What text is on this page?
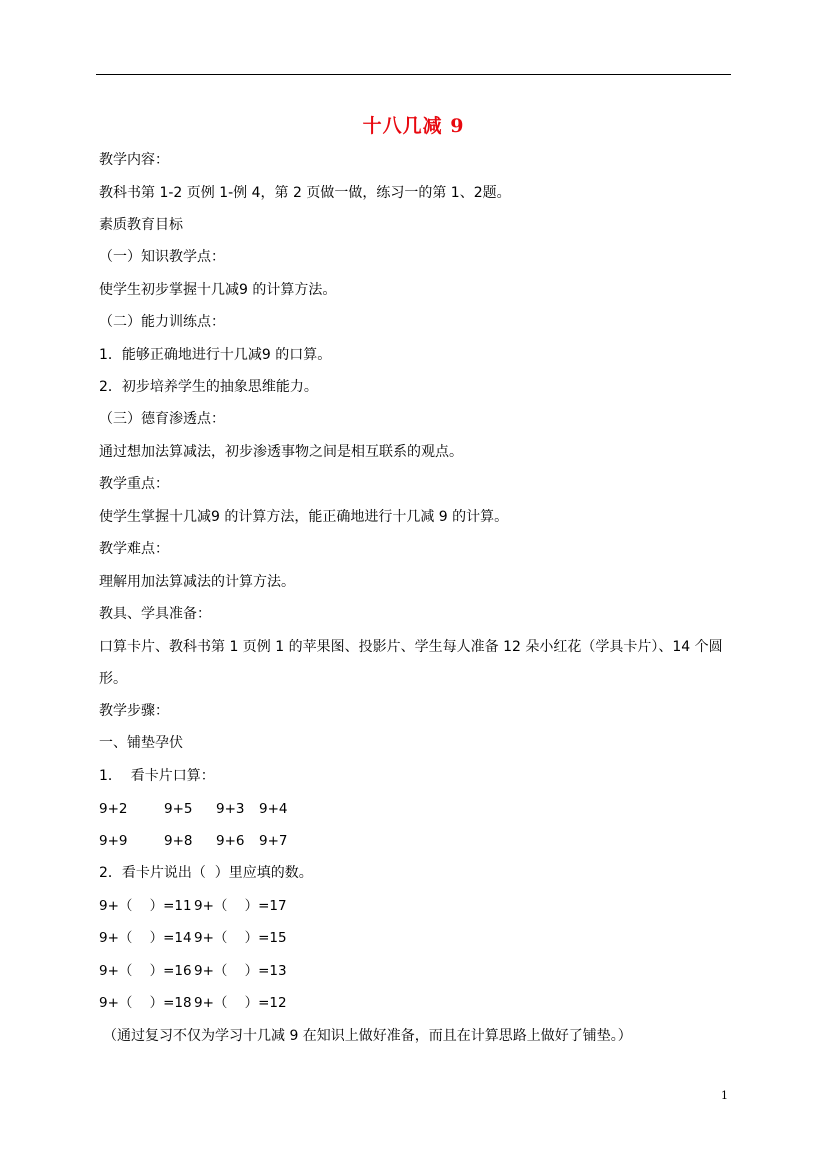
十八几减 9
教学内容：
教科书第 1-2 页例 1-例 4，第 2 页做一做，练习一的第 1、2题。
素质教育目标
（一）知识教学点：
使学生初步掌握十几减9 的计算方法。
（二）能力训练点：
1．能够正确地进行十几减9 的口算。
2．初步培养学生的抽象思维能力。
（三）德育渗透点：
通过想加法算减法，初步渗透事物之间是相互联系的观点。
教学重点：
使学生掌握十几减9 的计算方法，能正确地进行十几减 9 的计算。
教学难点：
理解用加法算减法的计算方法。
教具、学具准备：
口算卡片、教科书第 1 页例 1 的苹果图、投影片、学生每人准备 12 朵小红花（学具卡片）、14 个圆形。
教学步骤：
一、铺垫孕伏
1．  看卡片口算：
9+2	9+5 9+3 9+4
9+9	9+8 9+6 9+7
2．看卡片说出（  ）里应填的数。
9+（    ）=11 9+（    ）=17
9+（    ）=14 9+（    ）=15
9+（    ）=16 9+（    ）=13
9+（    ）=18 9+（    ）=12
（通过复习不仅为学习十几减 9 在知识上做好准备，而且在计算思路上做好了铺垫。）
1
